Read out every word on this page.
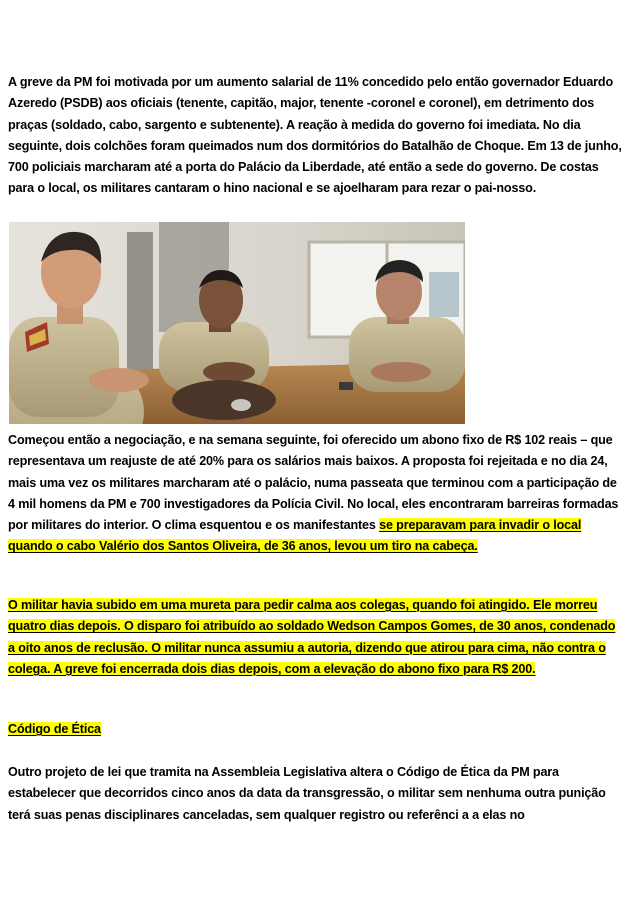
A greve da PM foi motivada por um aumento salarial de 11% concedido pelo então governador Eduardo Azeredo (PSDB) aos oficiais (tenente, capitão, major, tenente -coronel e coronel), em detrimento dos praças (soldado, cabo, sargento e subtenente). A reação à medida do governo foi imediata. No dia seguinte, dois colchões foram queimados num dos dormitórios do Batalhão de Choque. Em 13 de junho, 700 policiais marcharam até a porta do Palácio da Liberdade, até então a sede do governo. De costas para o local, os militares cantaram o hino nacional e se ajoelharam para rezar o pai-nosso.

Começou então a negociação, e na semana seguinte, foi oferecido um abono fixo de R$ 102 reais – que representava um reajuste de até 20% para os salários mais baixos. A proposta foi rejeitada e no dia 24, mais uma vez os militares marcharam até o palácio, numa passeata que terminou com a participação de 4 mil homens da PM e 700 investigadores da Polícia Civil. No local, eles encontraram barreiras formadas por militares do interior. O clima esquentou e os manifestantes se preparavam para invadir o local quando o cabo Valério dos Santos Oliveira, de 36 anos, levou um tiro na cabeça.

O militar havia subido em uma mureta para pedir calma aos colegas, quando foi atingido. Ele morreu quatro dias depois. O disparo foi atribuído ao soldado Wedson Campos Gomes, de 30 anos, condenado a oito anos de reclusão. O militar nunca assumiu a autoria, dizendo que atirou para cima, não contra o colega. A greve foi encerrada dois dias depois, com a elevação do abono fixo para R$ 200.

Código de Ética

Outro projeto de lei que tramita na Assembleia Legislativa altera o Código de Ética da PM para estabelecer que decorridos cinco anos da data da transgressão, o militar sem nenhuma outra punição terá suas penas disciplinares canceladas, sem qualquer registro ou referênci a a elas no
